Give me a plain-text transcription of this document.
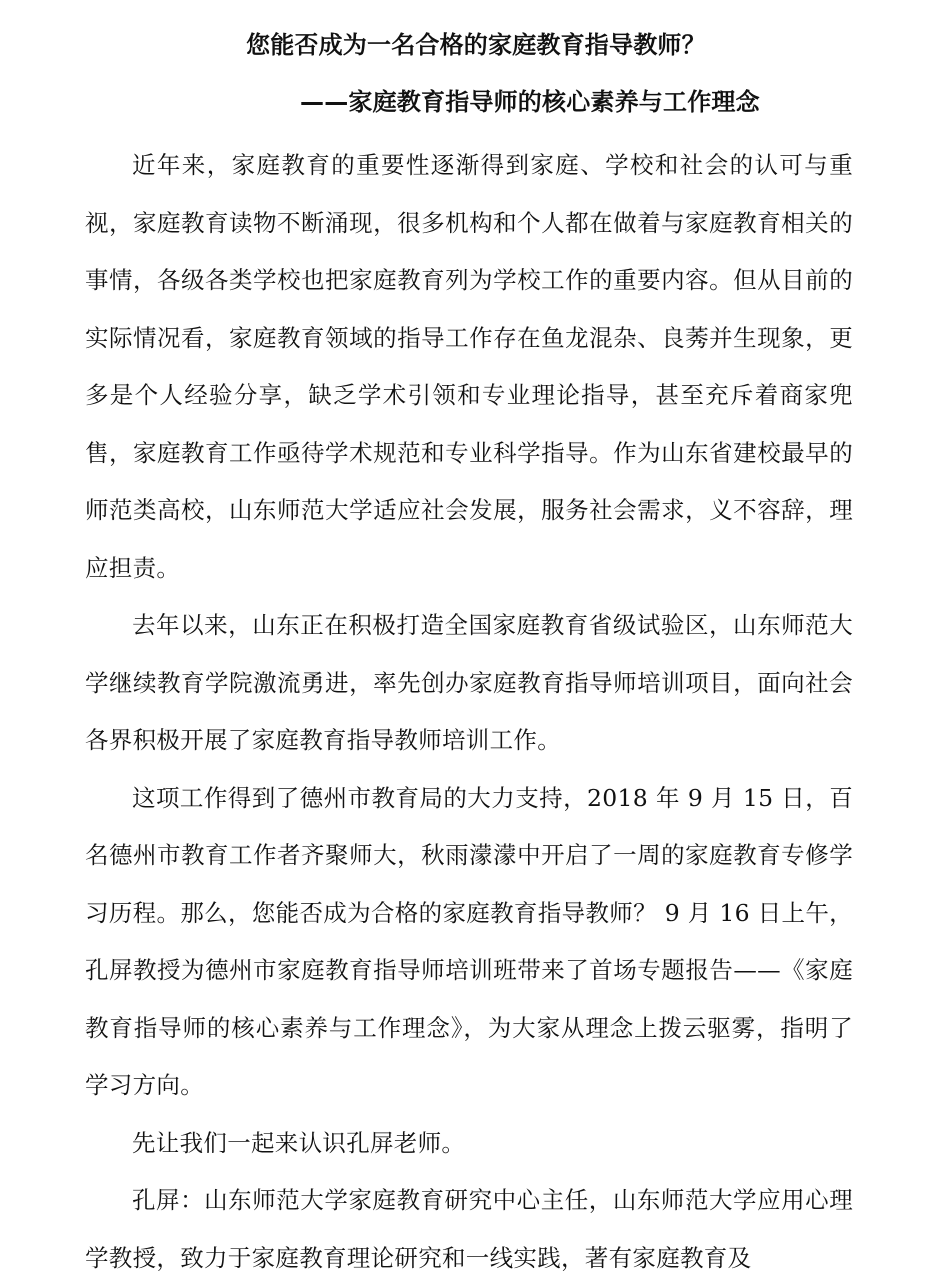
您能否成为一名合格的家庭教育指导教师？
——家庭教育指导师的核心素养与工作理念

近年来，家庭教育的重要性逐渐得到家庭、学校和社会的认可与重视，家庭教育读物不断涌现，很多机构和个人都在做着与家庭教育相关的事情，各级各类学校也把家庭教育列为学校工作的重要内容。但从目前的实际情况看，家庭教育领域的指导工作存在鱼龙混杂、良莠并生现象，更多是个人经验分享，缺乏学术引领和专业理论指导，甚至充斥着商家兜售，家庭教育工作亟待学术规范和专业科学指导。作为山东省建校最早的师范类高校，山东师范大学适应社会发展，服务社会需求，义不容辞，理应担责。

去年以来，山东正在积极打造全国家庭教育省级试验区，山东师范大学继续教育学院激流勇进，率先创办家庭教育指导师培训项目，面向社会各界积极开展了家庭教育指导教师培训工作。

这项工作得到了德州市教育局的大力支持，2018 年 9 月 15 日，百名德州市教育工作者齐聚师大，秋雨濛濛中开启了一周的家庭教育专修学习历程。那么，您能否成为合格的家庭教育指导教师？ 9 月 16 日上午，孔屏教授为德州市家庭教育指导师培训班带来了首场专题报告——《家庭教育指导师的核心素养与工作理念》，为大家从理念上拨云驱雾，指明了学习方向。

先让我们一起来认识孔屏老师。

孔屏：山东师范大学家庭教育研究中心主任，山东师范大学应用心理学教授，致力于家庭教育理论研究和一线实践，著有家庭教育及
